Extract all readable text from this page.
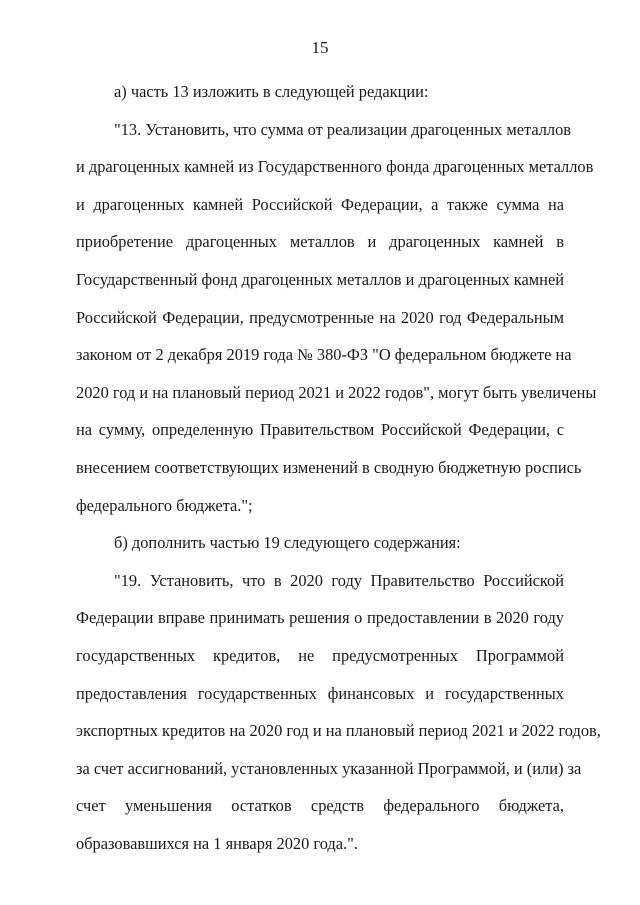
15
а) часть 13 изложить в следующей редакции:
"13. Установить, что сумма от реализации драгоценных металлов
и драгоценных камней из Государственного фонда драгоценных металлов
и драгоценных камней Российской Федерации, а также сумма на
приобретение драгоценных металлов и драгоценных камней в
Государственный фонд драгоценных металлов и драгоценных камней
Российской Федерации, предусмотренные на 2020 год Федеральным
законом от 2 декабря 2019 года № 380-ФЗ "О федеральном бюджете на
2020 год и на плановый период 2021 и 2022 годов", могут быть увеличены
на сумму, определенную Правительством Российской Федерации, с
внесением соответствующих изменений в сводную бюджетную роспись
федерального бюджета.";
б) дополнить частью 19 следующего содержания:
"19. Установить, что в 2020 году Правительство Российской
Федерации вправе принимать решения о предоставлении в 2020 году
государственных кредитов, не предусмотренных Программой
предоставления государственных финансовых и государственных
экспортных кредитов на 2020 год и на плановый период 2021 и 2022 годов,
за счет ассигнований, установленных указанной Программой, и (или) за
счет уменьшения остатков средств федерального бюджета,
образовавшихся на 1 января 2020 года.".
